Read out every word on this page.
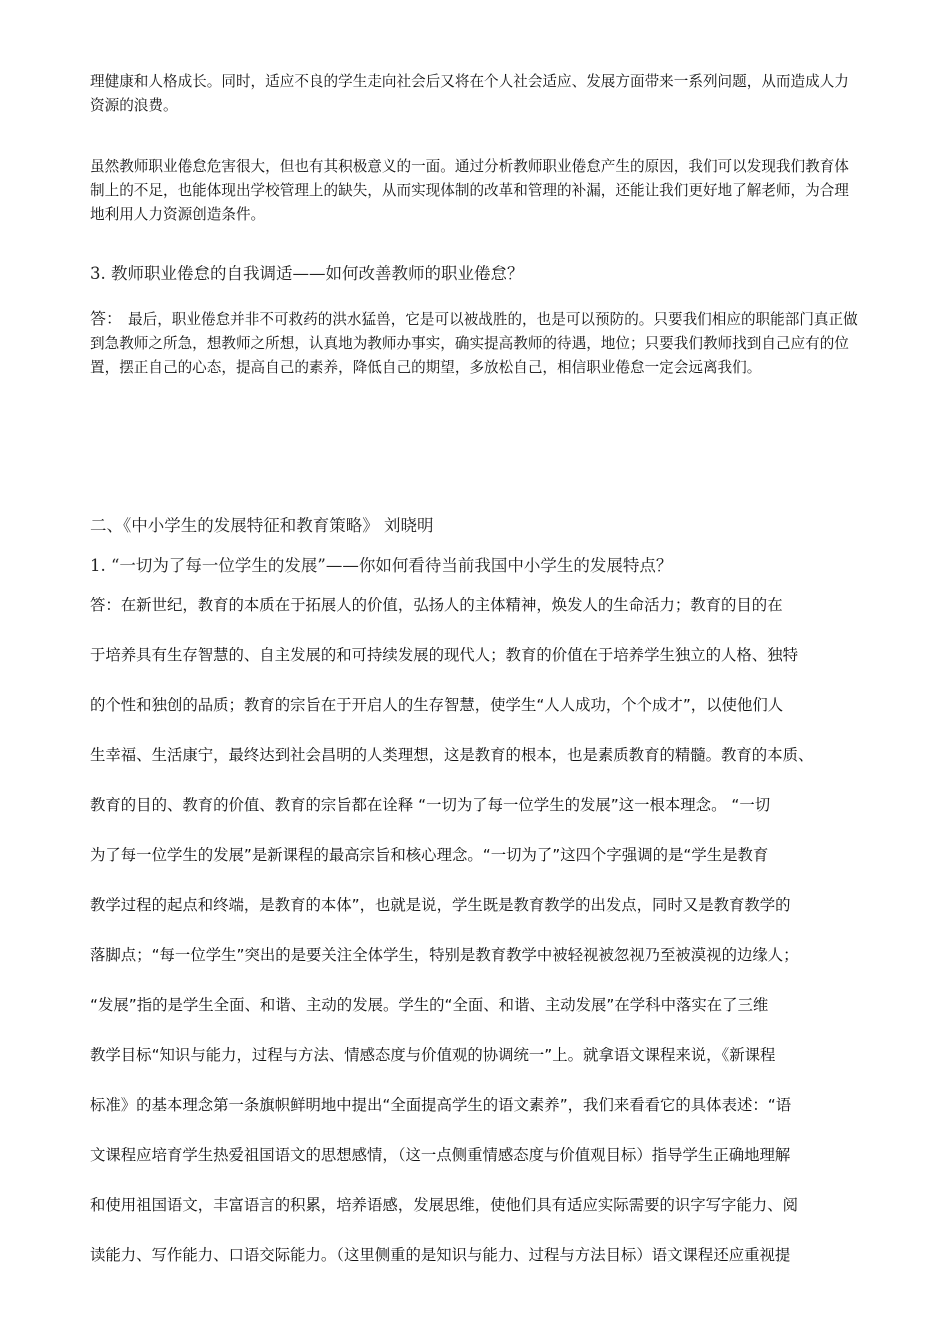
理健康和人格成长。同时，适应不良的学生走向社会后又将在个人社会适应、发展方面带来一系列问题，从而造成人力资源的浪费。
虽然教师职业倦怠危害很大，但也有其积极意义的一面。通过分析教师职业倦怠产生的原因，我们可以发现我们教育体制上的不足，也能体现出学校管理上的缺失，从而实现体制的改革和管理的补漏，还能让我们更好地了解老师，为合理地利用人力资源创造条件。
3. 教师职业倦怠的自我调适——如何改善教师的职业倦怠？
答： 最后，职业倦怠并非不可救药的洪水猛兽，它是可以被战胜的，也是可以预防的。只要我们相应的职能部门真正做到急教师之所急，想教师之所想，认真地为教师办事实，确实提高教师的待遇，地位；只要我们教师找到自己应有的位置，摆正自己的心态，提高自己的素养，降低自己的期望，多放松自己，相信职业倦怠一定会远离我们。
二、《中小学生的发展特征和教育策略》 刘晓明
1. “一切为了每一位学生的发展”——你如何看待当前我国中小学生的发展特点？
答：在新世纪，教育的本质在于拓展人的价值，弘扬人的主体精神，焕发人的生命活力；教育的目的在
于培养具有生存智慧的、自主发展的和可持续发展的现代人；教育的价值在于培养学生独立的人格、独特
的个性和独创的品质；教育的宗旨在于开启人的生存智慧，使学生“人人成功，个个成才”，以使他们人
生幸福、生活康宁，最终达到社会昌明的人类理想，这是教育的根本，也是素质教育的精髓。教育的本质、
教育的目的、教育的价值、教育的宗旨都在诠释 “一切为了每一位学生的发展”这一根本理念。 “一切
为了每一位学生的发展”是新课程的最高宗旨和核心理念。“一切为了”这四个字强调的是“学生是教育
教学过程的起点和终端，是教育的本体”，也就是说，学生既是教育教学的出发点，同时又是教育教学的
落脚点；“每一位学生”突出的是要关注全体学生，特别是教育教学中被轻视被忽视乃至被漠视的边缘人；
“发展”指的是学生全面、和谐、主动的发展。学生的“全面、和谐、主动发展”在学科中落实在了三维
教学目标“知识与能力，过程与方法、情感态度与价值观的协调统一”上。就拿语文课程来说，《新课程
标准》的基本理念第一条旗帜鲜明地中提出“全面提高学生的语文素养”，我们来看看它的具体表述：“语
文课程应培育学生热爱祖国语文的思想感情，（这一点侧重情感态度与价值观目标）指导学生正确地理解
和使用祖国语文，丰富语言的积累，培养语感，发展思维，使他们具有适应实际需要的识字写字能力、阅
读能力、写作能力、口语交际能力。（这里侧重的是知识与能力、过程与方法目标）语文课程还应重视提
